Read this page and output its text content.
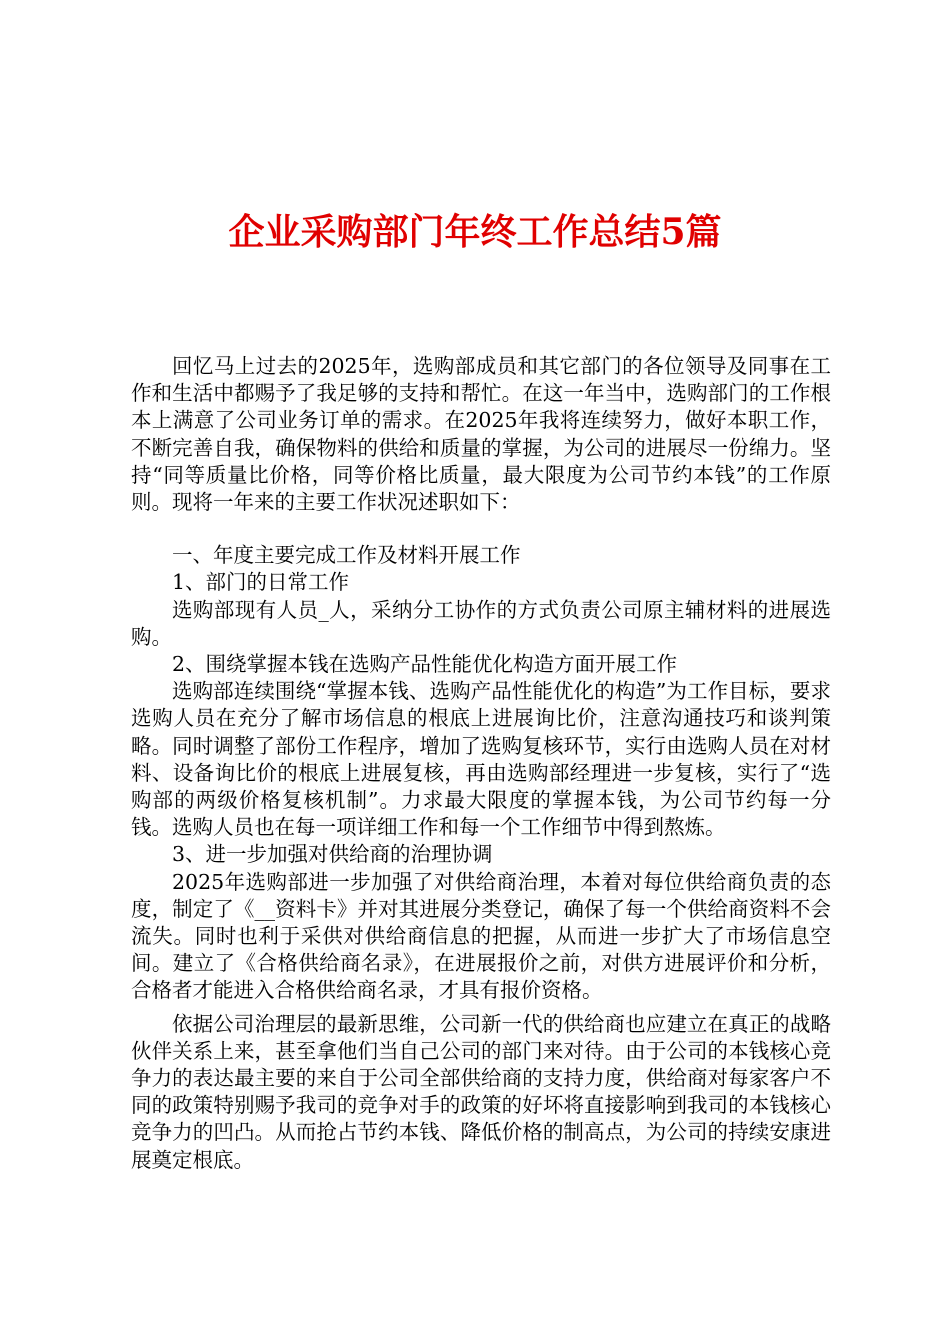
企业采购部门年终工作总结5篇

回忆马上过去的2025年，选购部成员和其它部门的各位领导及同事在工作和生活中都赐予了我足够的支持和帮忙。在这一年当中，选购部门的工作根本上满意了公司业务订单的需求。在2025年我将连续努力，做好本职工作，不断完善自我，确保物料的供给和质量的掌握，为公司的进展尽一份绵力。坚持“同等质量比价格，同等价格比质量，最大限度为公司节约本钱”的工作原则。现将一年来的主要工作状况述职如下：

一、年度主要完成工作及材料开展工作

1、部门的日常工作

选购部现有人员_人，采纳分工协作的方式负责公司原主辅材料的进展选购。

2、围绕掌握本钱在选购产品性能优化构造方面开展工作

选购部连续围绕“掌握本钱、选购产品性能优化的构造”为工作目标，要求选购人员在充分了解市场信息的根底上进展询比价，注意沟通技巧和谈判策略。同时调整了部份工作程序，增加了选购复核环节，实行由选购人员在对材料、设备询比价的根底上进展复核，再由选购部经理进一步复核，实行了“选购部的两级价格复核机制”。力求最大限度的掌握本钱，为公司节约每一分钱。选购人员也在每一项详细工作和每一个工作细节中得到熬炼。

3、进一步加强对供给商的治理协调

2025年选购部进一步加强了对供给商治理，本着对每位供给商负责的态度，制定了《__资料卡》并对其进展分类登记，确保了每一个供给商资料不会流失。同时也利于采供对供给商信息的把握，从而进一步扩大了市场信息空间。建立了《合格供给商名录》，在进展报价之前，对供方进展评价和分析，合格者才能进入合格供给商名录，才具有报价资格。

依据公司治理层的最新思维，公司新一代的供给商也应建立在真正的战略伙伴关系上来，甚至拿他们当自己公司的部门来对待。由于公司的本钱核心竞争力的表达最主要的来自于公司全部供给商的支持力度，供给商对每家客户不同的政策特别赐予我司的竞争对手的政策的好坏将直接影响到我司的本钱核心竞争力的凹凸。从而抢占节约本钱、降低价格的制高点，为公司的持续安康进展奠定根底。
